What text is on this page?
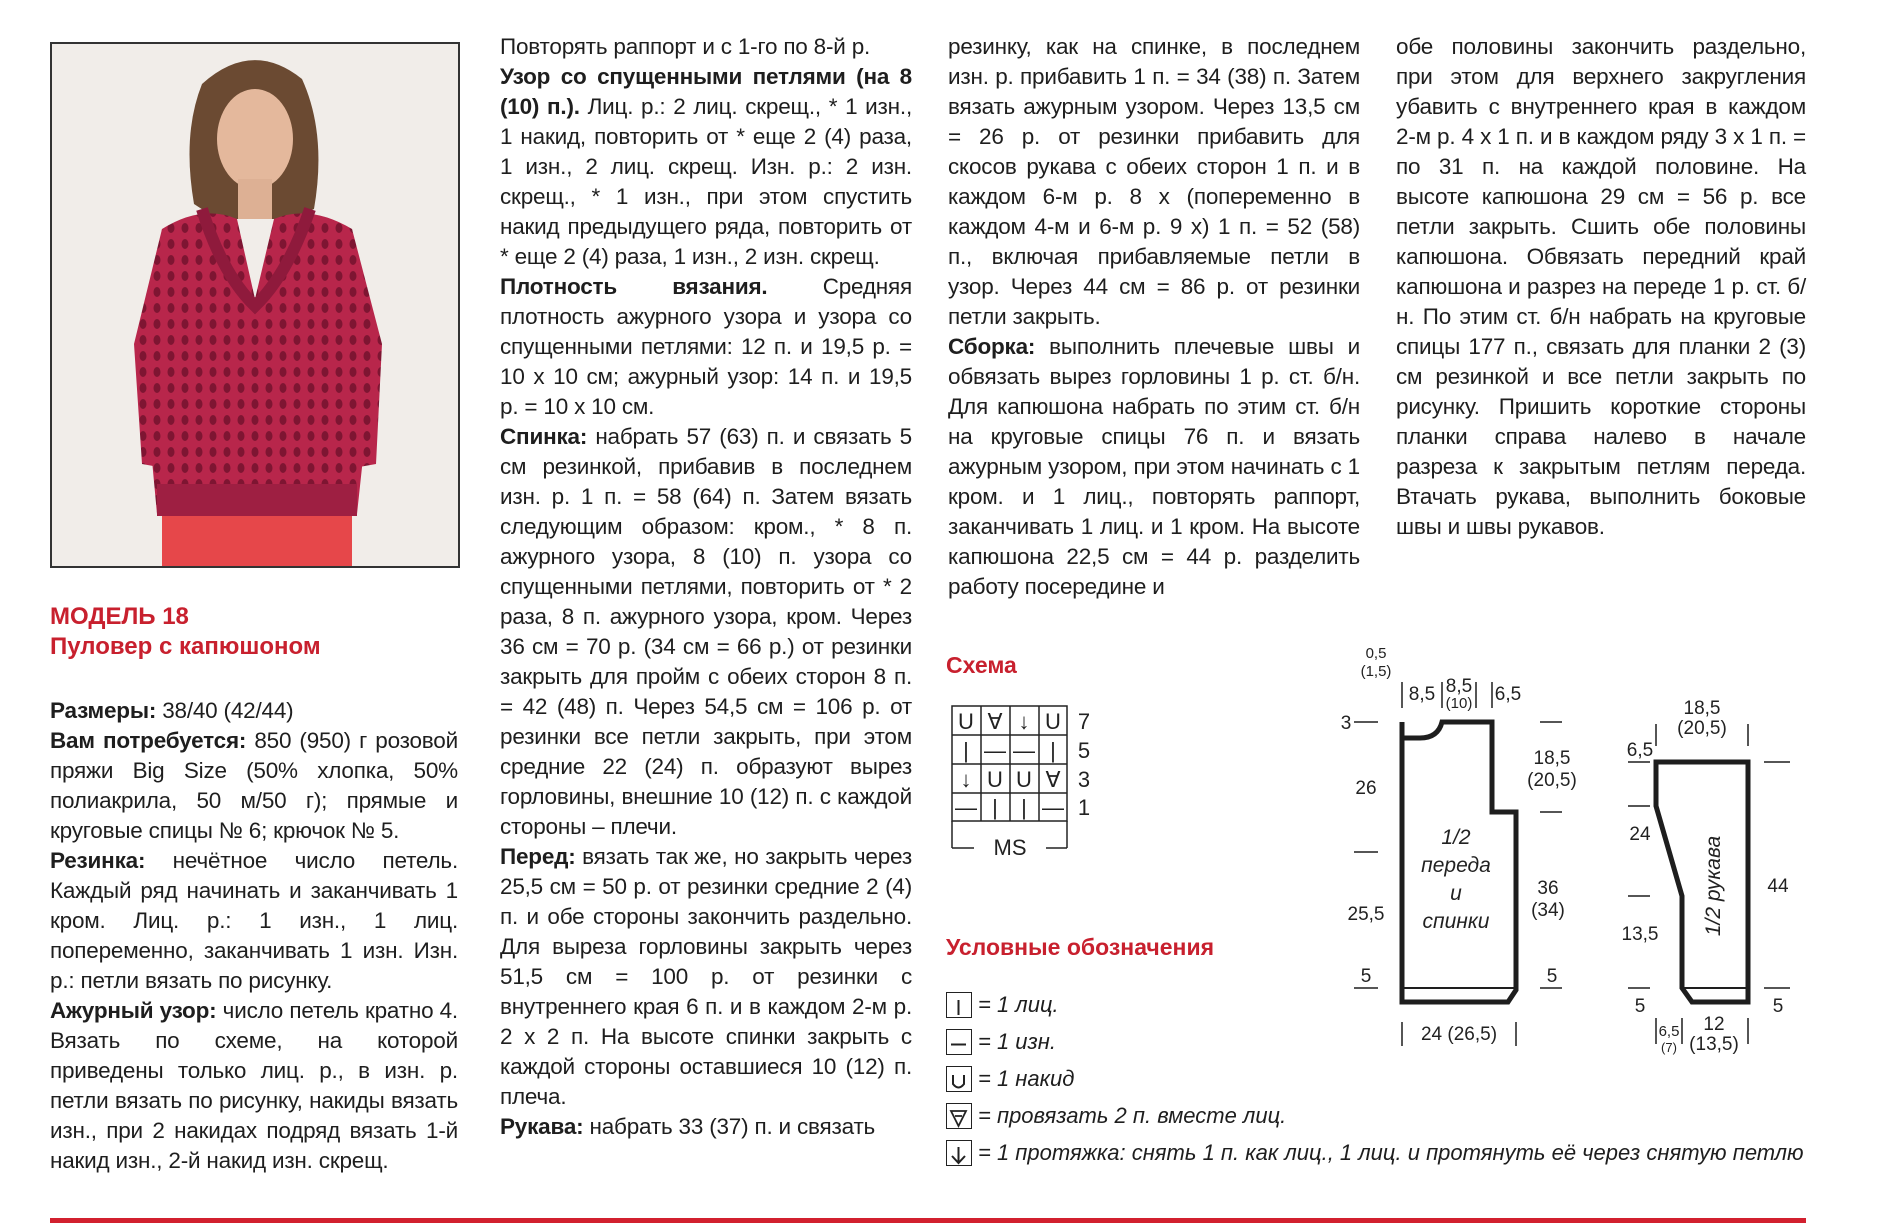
МОДЕЛЬ 18
Пуловер с капюшоном

Размеры: 38/40 (42/44)

Вам потребуется: 850 (950) г розовой пряжи Big Size (50% хлопка, 50% полиакрила, 50 м/50 г); прямые и круговые спицы № 6; крючок № 5.

Резинка: нечётное число петель. Каждый ряд начинать и заканчивать 1 кром. Лиц. р.: 1 изн., 1 лиц. попеременно, заканчивать 1 изн. Изн. р.: петли вязать по рисунку.

Ажурный узор: число петель кратно 4. Вязать по схеме, на которой приведены только лиц. р., в изн. р. петли вязать по рисунку, накиды вязать изн., при 2 накидах подряд вязать 1-й накид изн., 2-й накид изн. скрещ.

Повторять раппорт и с 1-го по 8-й р.

Узор со спущенными петлями (на 8 (10) п.). Лиц. р.: 2 лиц. скрещ., * 1 изн., 1 накид, повторить от * еще 2 (4) раза, 1 изн., 2 лиц. скрещ. Изн. р.: 2 изн. скрещ., * 1 изн., при этом спустить накид предыдущего ряда, повторить от * еще 2 (4) раза, 1 изн., 2 изн. скрещ.

Плотность вязания. Средняя плотность ажурного узора и узора со спущенными петлями: 12 п. и 19,5 р. = 10 х 10 см; ажурный узор: 14 п. и 19,5 р. = 10 х 10 см.

Спинка: набрать 57 (63) п. и связать 5 см резинкой, прибавив в последнем изн. р. 1 п. = 58 (64) п. Затем вязать следующим образом: кром., * 8 п. ажурного узора, 8 (10) п. узора со спущенными петлями, повторить от * 2 раза, 8 п. ажурного узора, кром. Через 36 см = 70 р. (34 см = 66 р.) от резинки закрыть для пройм с обеих сторон 8 п. = 42 (48) п. Через 54,5 см = 106 р. от резинки все петли закрыть, при этом средние 22 (24) п. образуют вырез горловины, внешние 10 (12) п. с каждой стороны – плечи.

Перед: вязать так же, но закрыть через 25,5 см = 50 р. от резинки средние 2 (4) п. и обе стороны закончить раздельно. Для выреза горловины закрыть через 51,5 см = 100 р. от резинки с внутреннего края 6 п. и в каждом 2-м р. 2 х 2 п. На высоте спинки закрыть с каждой стороны оставшиеся 10 (12) п. плеча.

Рукава: набрать 33 (37) п. и связать

резинку, как на спинке, в последнем изн. р. прибавить 1 п. = 34 (38) п. Затем вязать ажурным узором. Через 13,5 см = 26 р. от резинки прибавить для скосов рукава с обеих сторон 1 п. и в каждом 6-м р. 8 х (попеременно в каждом 4-м и 6-м р. 9 х) 1 п. = 52 (58) п., включая прибавляемые петли в узор. Через 44 см = 86 р. от резинки петли закрыть.

Сборка: выполнить плечевые швы и обвязать вырез горловины 1 р. ст. б/н. Для капюшона набрать по этим ст. б/н на круговые спицы 76 п. и вязать ажурным узором, при этом начинать с 1 кром. и 1 лиц., повторять раппорт, заканчивать 1 лиц. и 1 кром. На высоте капюшона 22,5 см = 44 р. разделить работу посередине и

обе половины закончить раздельно, при этом для верхнего закругления убавить с внутреннего края в каждом 2-м р. 4 х 1 п. и в каждом ряду 3 х 1 п. = по 31 п. на каждой половине. На высоте капюшона 29 см = 56 р. все петли закрыть. Сшить обе половины капюшона. Обвязать передний край капюшона и разрез на переде 1 р. ст. б/н. По этим ст. б/н набрать на круговые спицы 177 п., связать для планки 2 (3) см резинкой и все петли закрыть по рисунку. Пришить короткие стороны планки справа налево в начале разреза к закрытым петлям переда. Втачать рукава, выполнить боковые швы и швы рукавов.

Схема
U ∀ ↓ U
| — — |
↓ U U ∀
— | | —
MS
7
5
3
1
Условные обозначения
= 1 лиц.
= 1 изн.
= 1 накид
= провязать 2 п. вместе лиц.
= 1 протяжка: снять 1 п. как лиц., 1 лиц. и протянуть её через снятую петлю
0,5
(1,5)
8,5 8,5
(10) 6,5
3
26
25,5
5
18,5
(20,5)
36
(34)
5
24 (26,5)
1/2
переда
и
спинки
18,5
(20,5)
6,5
24
13,5
5
44
5
6,5
(7)
12
(13,5)
1/2 рукава
